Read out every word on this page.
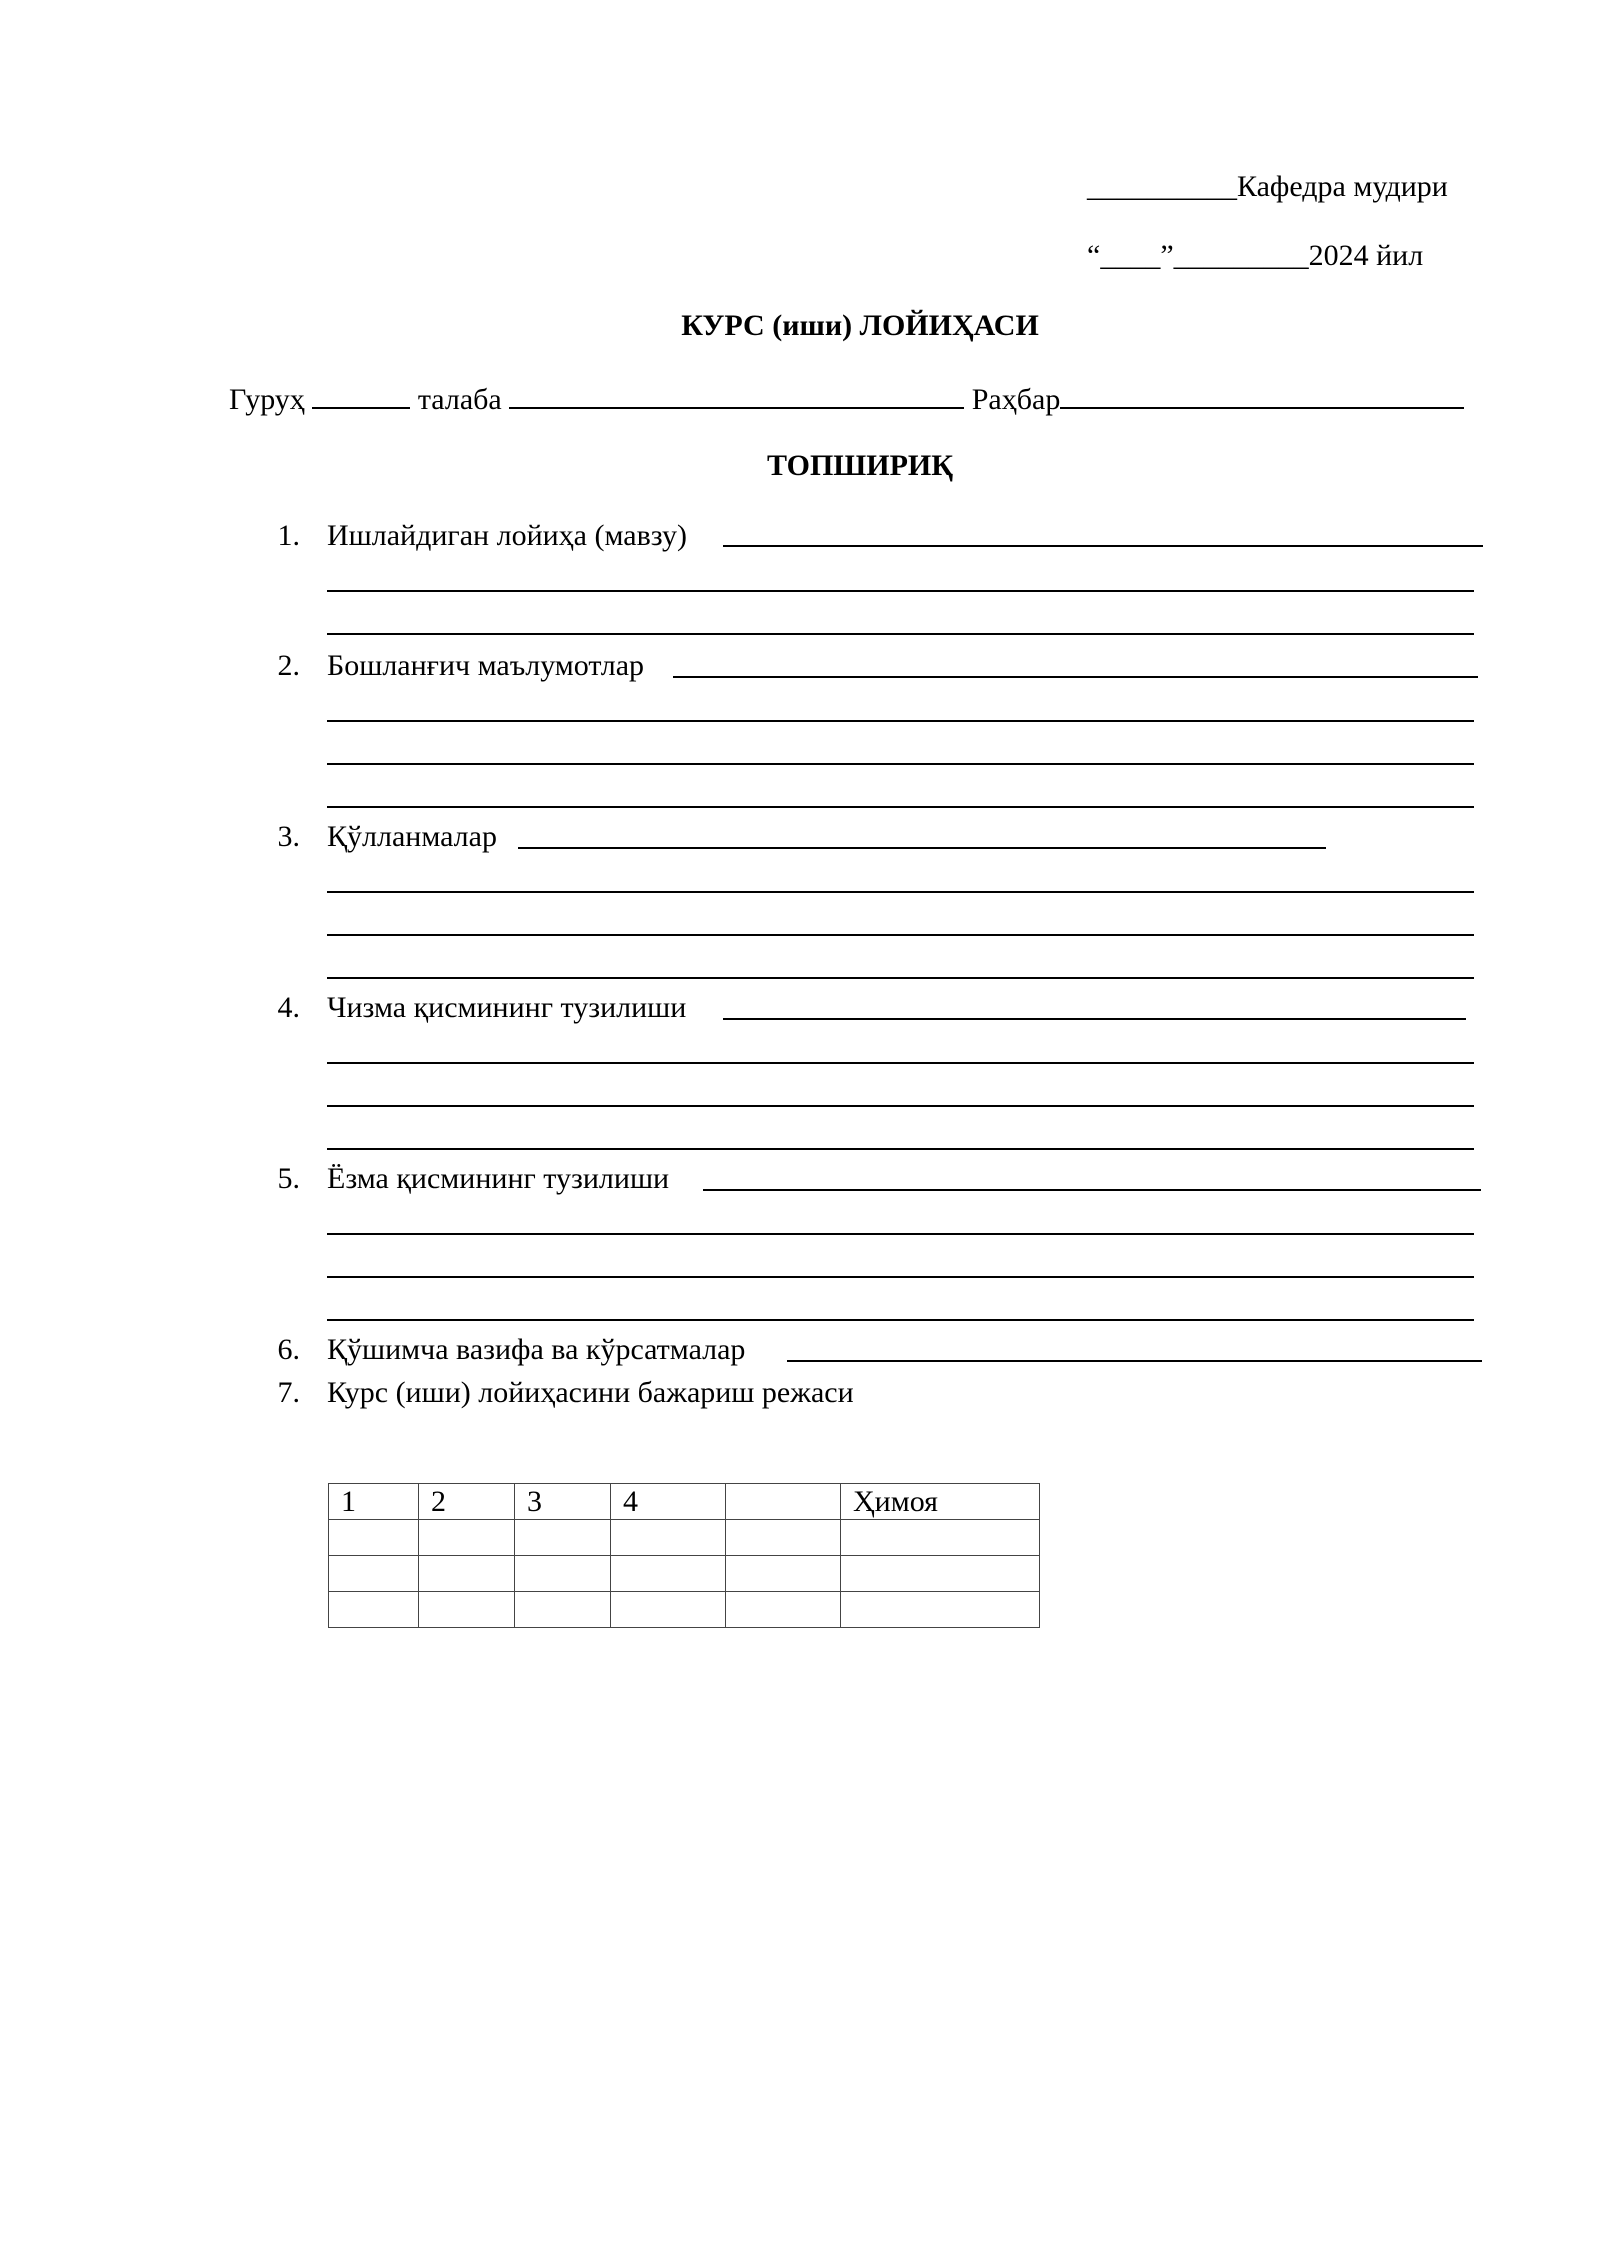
__________Кафедра мудири
“____”_________2024 йил
КУРС (иши) ЛОЙИҲАСИ
Гуруҳ	талаба	Раҳбар
ТОПШИРИҚ
1. Ишлайдиган лойиҳа (мавзу)
2. Бошланғич маълумотлар
3. Қўлланмалар
4. Чизма қисмининг тузилиши
5. Ёзма қисмининг тузилиши
6. Қўшимча вазифа ва кўрсатмалар
7. Курс (иши) лойиҳасини бажариш режаси
1	2	3	4		Ҳимоя
